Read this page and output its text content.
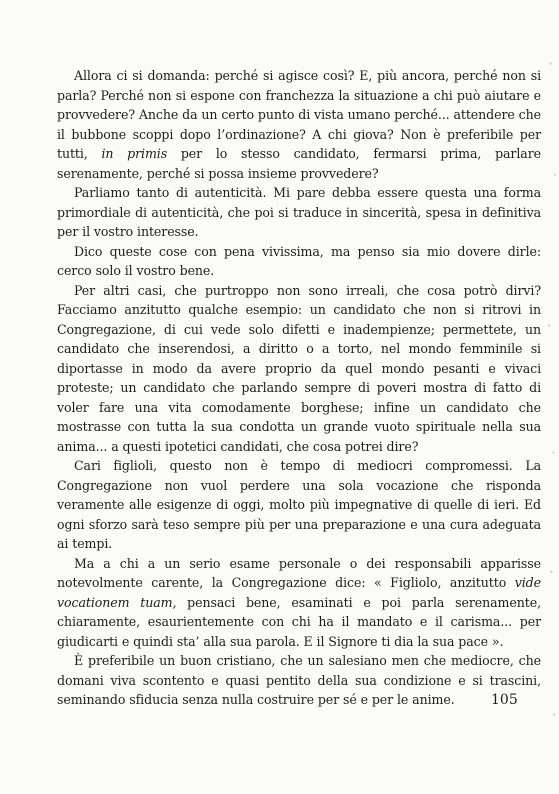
Allora ci si domanda: perché si agisce così? E, più ancora, perché non si parla? Perché non si espone con franchezza la situazione a chi può aiutare e provvedere? Anche da un certo punto di vista umano perché... attendere che il bubbone scoppi dopo l’ordinazione? A chi giova? Non è preferibile per tutti, in primis per lo stesso candidato, fermarsi prima, parlare serenamente, perché si possa insieme provvedere?

Parliamo tanto di autenticità. Mi pare debba essere questa una forma primordiale di autenticità, che poi si traduce in sincerità, spesa in definitiva per il vostro interesse.

Dico queste cose con pena vivissima, ma penso sia mio dovere dirle: cerco solo il vostro bene.

Per altri casi, che purtroppo non sono irreali, che cosa potrò dirvi? Facciamo anzitutto qualche esempio: un candidato che non si ritrovi in Congregazione, di cui vede solo difetti e inadempienze; permettete, un candidato che inserendosi, a diritto o a torto, nel mondo femminile si diportasse in modo da avere proprio da quel mondo pesanti e vivaci proteste; un candidato che parlando sempre di poveri mostra di fatto di voler fare una vita comodamente borghese; infine un candidato che mostrasse con tutta la sua condotta un grande vuoto spirituale nella sua anima... a questi ipotetici candidati, che cosa potrei dire?

Cari figlioli, questo non è tempo di mediocri compromessi. La Congregazione non vuol perdere una sola vocazione che risponda veramente alle esigenze di oggi, molto più impegnative di quelle di ieri. Ed ogni sforzo sarà teso sempre più per una preparazione e una cura adeguata ai tempi.

Ma a chi a un serio esame personale o dei responsabili apparisse notevolmente carente, la Congregazione dice: « Figliolo, anzitutto vide vocationem tuam, pensaci bene, esaminati e poi parla serenamente, chiaramente, esaurientemente con chi ha il mandato e il carisma... per giudicarti e quindi sta’ alla sua parola. E il Signore ti dia la sua pace ».

È preferibile un buon cristiano, che un salesiano men che mediocre, che domani viva scontento e quasi pentito della sua condizione e si trascini, seminando sfiducia senza nulla costruire per sé e per le anime.	105
